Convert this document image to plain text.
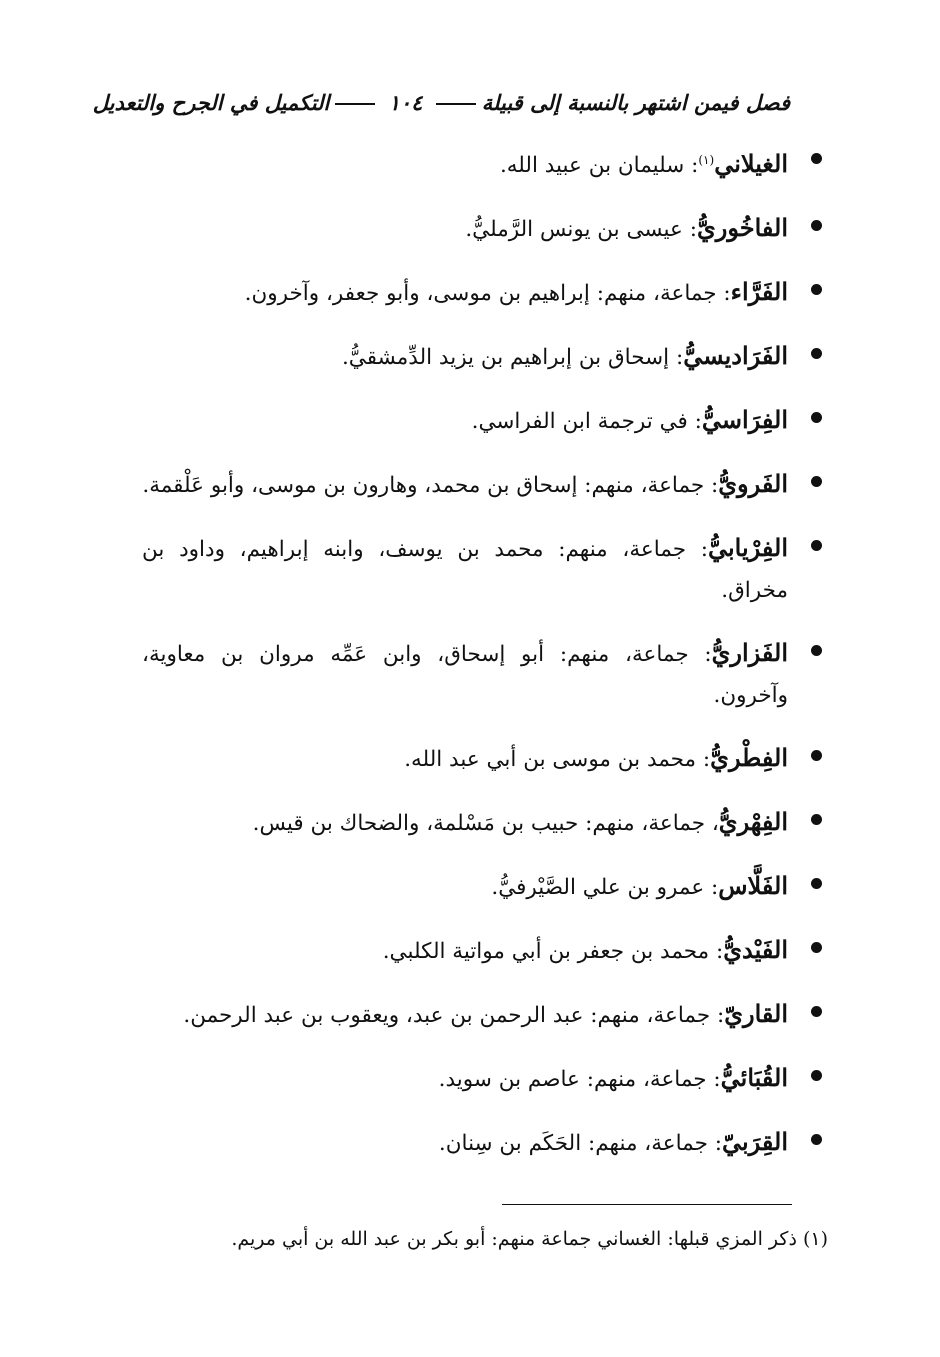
فصل فيمن اشتهر بالنسبة إلى قبيلة
١٠٤
التكميل في الجرح والتعديل
الغيلاني$^{(١)}$: سليمان بن عبيد الله.
الفاخُوريُّ: عيسى بن يونس الرَّمليُّ.
الفَرَّاء: جماعة، منهم: إبراهيم بن موسى، وأبو جعفر، وآخرون.
الفَرَاديسيُّ: إسحاق بن إبراهيم بن يزيد الدِّمشقيُّ.
الفِرَاسيُّ: في ترجمة ابن الفراسي.
الفَرويُّ: جماعة، منهم: إسحاق بن محمد، وهارون بن موسى، وأبو عَلْقمة.
الفِرْيابيُّ: جماعة، منهم: محمد بن يوسف، وابنه إبراهيم، وداود بن مخراق.
الفَزاريُّ: جماعة، منهم: أبو إسحاق، وابن عَمِّه مروان بن معاوية، وآخرون.
الفِطْريُّ: محمد بن موسى بن أبي عبد الله.
الفِهْريُّ، جماعة، منهم: حبيب بن مَسْلمة، والضحاك بن قيس.
الفَلَّاس: عمرو بن علي الصَّيْرفيُّ.
الفَيْديُّ: محمد بن جعفر بن أبي مواتية الكلبي.
القاريّ: جماعة، منهم: عبد الرحمن بن عبد، ويعقوب بن عبد الرحمن.
القُبَائيُّ: جماعة، منهم: عاصم بن سويد.
القِرَبيّ: جماعة، منهم: الحَكَم بن سِنان.
(١) ذكر المزي قبلها: الغساني جماعة منهم: أبو بكر بن عبد الله بن أبي مريم.
